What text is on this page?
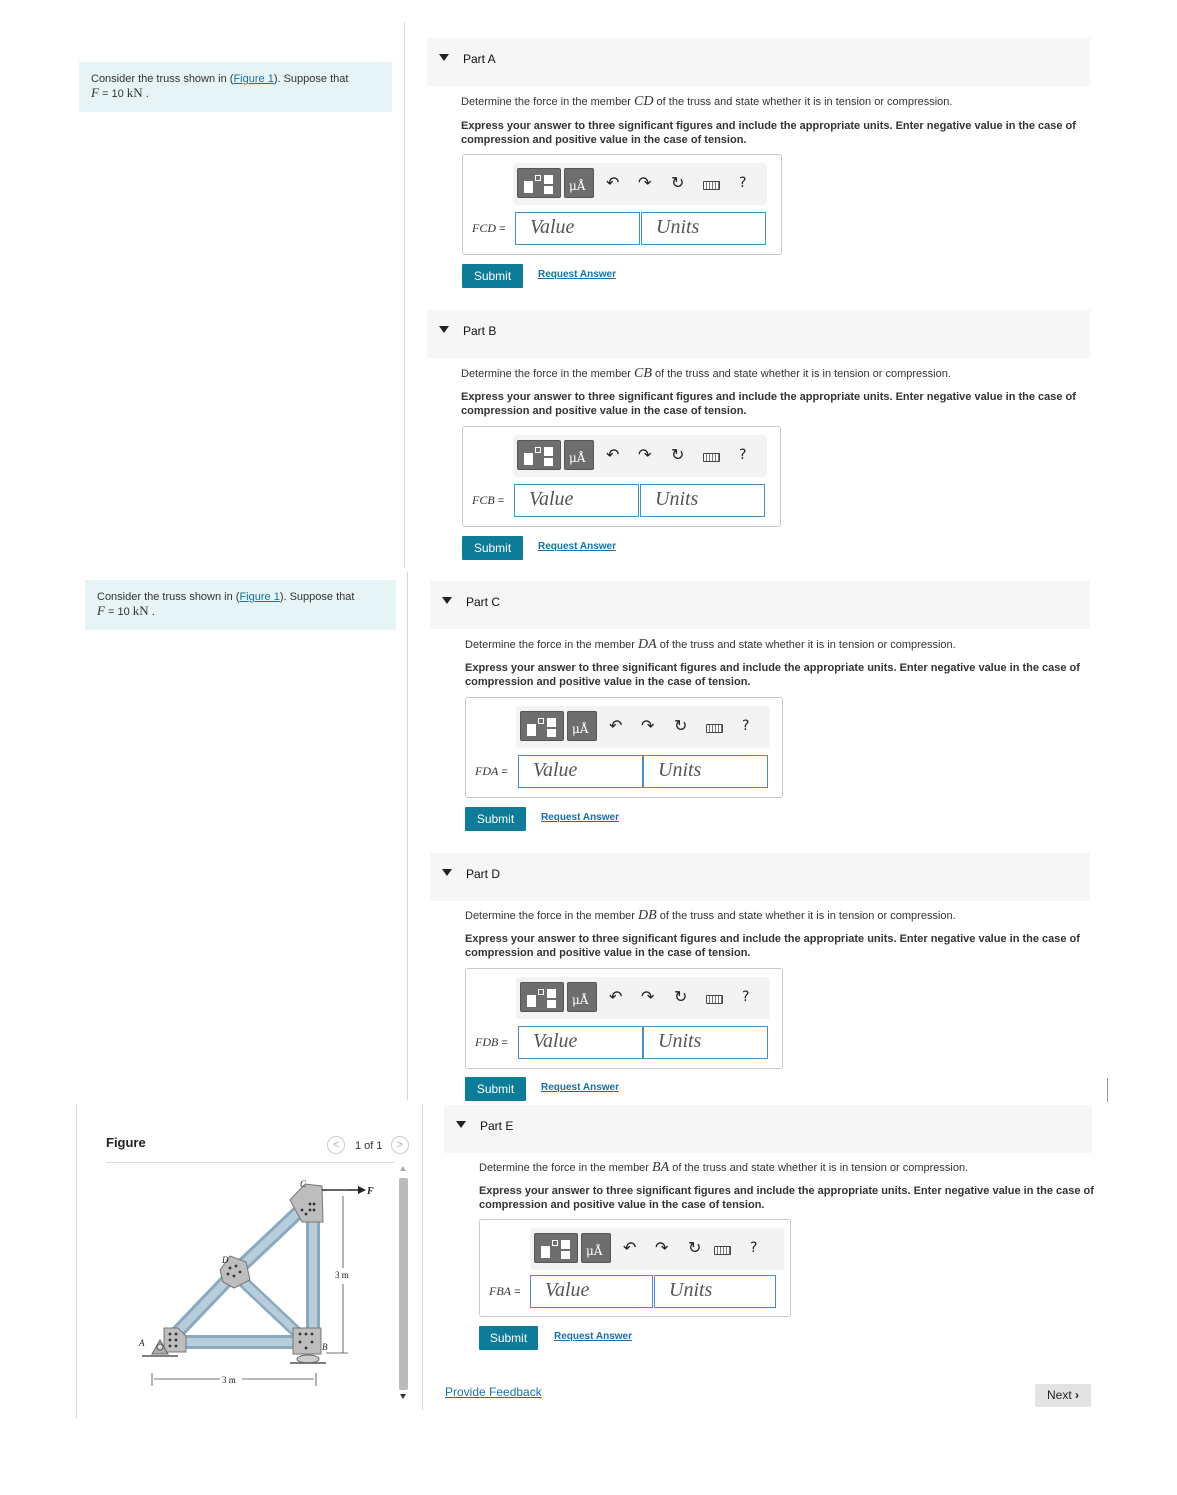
Consider the truss shown in (Figure 1). Suppose that
F = 10 kN .
Consider the truss shown in (Figure 1). Suppose that
F = 10 kN .
Part A
Determine the force in the member CD of the truss and state whether it is in tension or compression.
Express your answer to three significant figures and include the appropriate units. Enter negative value in the case of compression and positive value in the case of tension.
μÅ ↶ ↷ ↻	?
FCD =	Value	Units
Submit	Request Answer
Part B
Determine the force in the member CB of the truss and state whether it is in tension or compression.
Express your answer to three significant figures and include the appropriate units. Enter negative value in the case of compression and positive value in the case of tension.
μÅ ↶ ↷ ↻	?
FCB =	Value	Units
Submit	Request Answer
Part C
Determine the force in the member DA of the truss and state whether it is in tension or compression.
Express your answer to three significant figures and include the appropriate units. Enter negative value in the case of compression and positive value in the case of tension.
μÅ ↶ ↷ ↻	?
FDA =	Value	Units
Submit	Request Answer
Part D
Determine the force in the member DB of the truss and state whether it is in tension or compression.
Express your answer to three significant figures and include the appropriate units. Enter negative value in the case of compression and positive value in the case of tension.
μÅ ↶ ↷ ↻	?
FDB =	Value	Units
Submit	Request Answer
Part E
Determine the force in the member BA of the truss and state whether it is in tension or compression.
Express your answer to three significant figures and include the appropriate units. Enter negative value in the case of compression and positive value in the case of tension.
μÅ ↶ ↷ ↻	?
FBA =	Value	Units
Submit	Request Answer
Provide Feedback	Next ›
Figure	<	1 of 1	>
C
D
A	B
F
3 m
3 m
